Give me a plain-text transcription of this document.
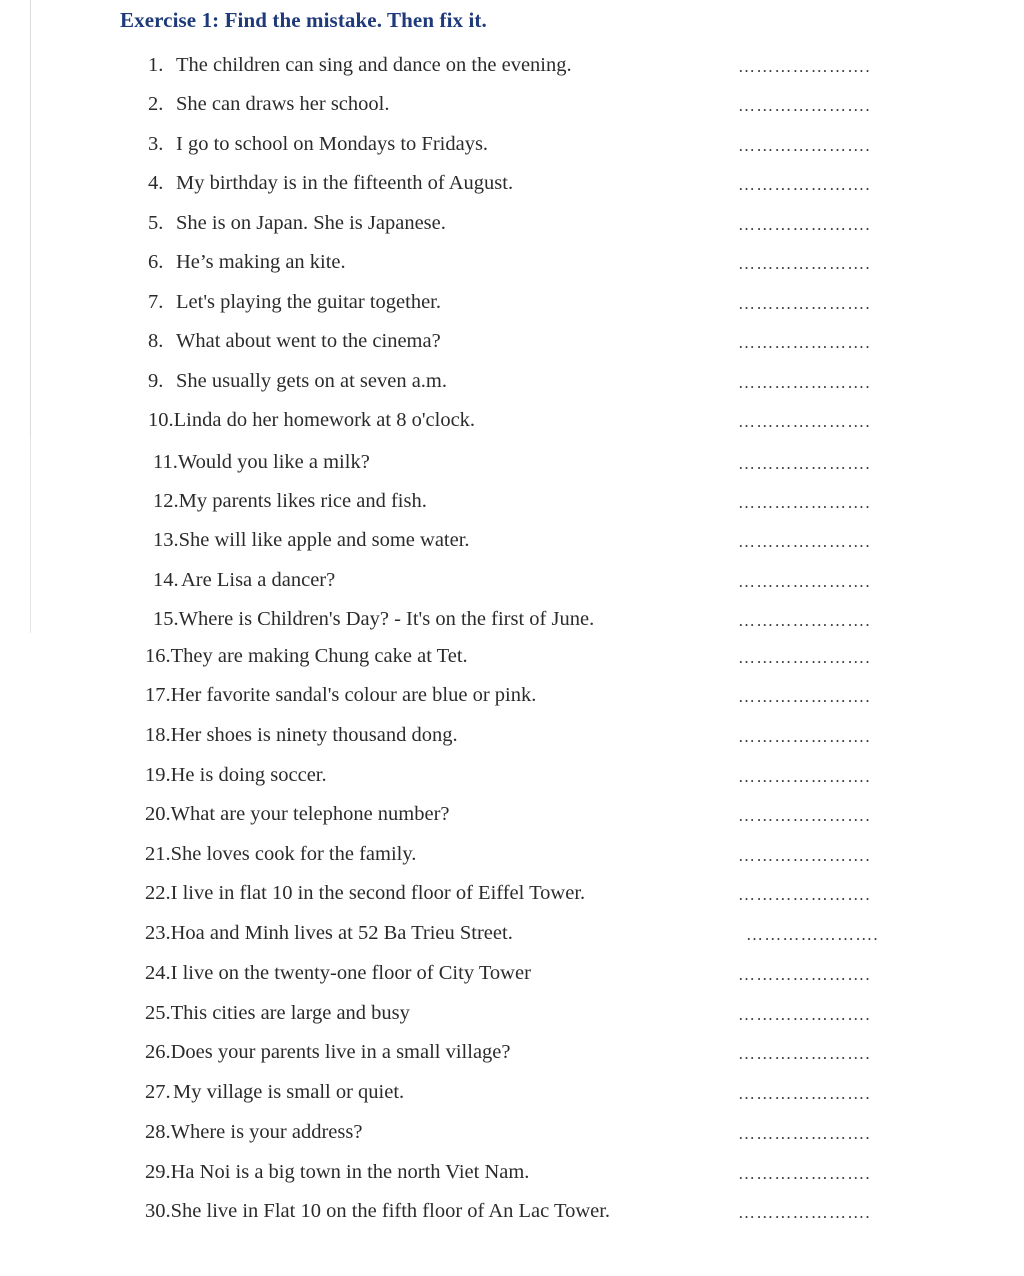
Exercise 1: Find the mistake. Then fix it.
1. The children can sing and dance on the evening.	………………….
2. She can draws her school.	………………….
3. I go to school on Mondays to Fridays.	………………….
4. My birthday is in the fifteenth of August.	………………….
5. She is on Japan. She is Japanese.	………………….
6. He’s making an kite.	………………….
7. Let's playing the guitar together.	………………….
8. What about went to the cinema?	………………….
9. She usually gets on at seven a.m.	………………….
10.Linda do her homework at 8 o'clock.	………………….
11.Would you like a milk?	………………….
12.My parents likes rice and fish.	………………….
13.She will like apple and some water.	………………….
14. Are Lisa a dancer?	………………….
15.Where is Children's Day? - It's on the first of June.	………………….
16.They are making Chung cake at Tet.	………………….
17.Her favorite sandal's colour are blue or pink.	………………….
18.Her shoes is ninety thousand dong.	………………….
19.He is doing soccer.	………………….
20.What are your telephone number?	………………….
21.She loves cook for the family.	………………….
22.I live in flat 10 in the second floor of Eiffel Tower.	………………….
23.Hoa and Minh lives at 52 Ba Trieu Street.	………………….
24.I live on the twenty-one floor of City Tower	………………….
25.This cities are large and busy	………………….
26.Does your parents live in a small village?	………………….
27. My village is small or quiet.	………………….
28.Where is your address?	………………….
29.Ha Noi is a big town in the north Viet Nam.	………………….
30.She live in Flat 10 on the fifth floor of An Lac Tower.	………………….
